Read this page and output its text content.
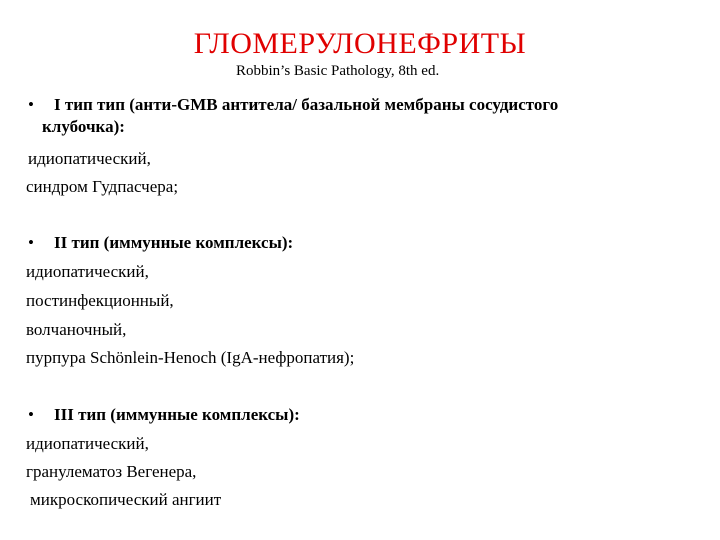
ГЛОМЕРУЛОНЕФРИТЫ
Robbin’s Basic Pathology, 8th ed.
• I тип тип (анти-GMB антитела/ базальной мембраны сосудистого
клубочка):
идиопатический,
синдром Гудпасчера;
• II тип (иммунные комплексы):
идиопатический,
постинфекционный,
волчаночный,
пурпура Schönlein-Henoch (IgA-нефропатия);
• III тип (иммунные комплексы):
идиопатический,
гранулематоз Вегенера,
микроскопический ангиит
